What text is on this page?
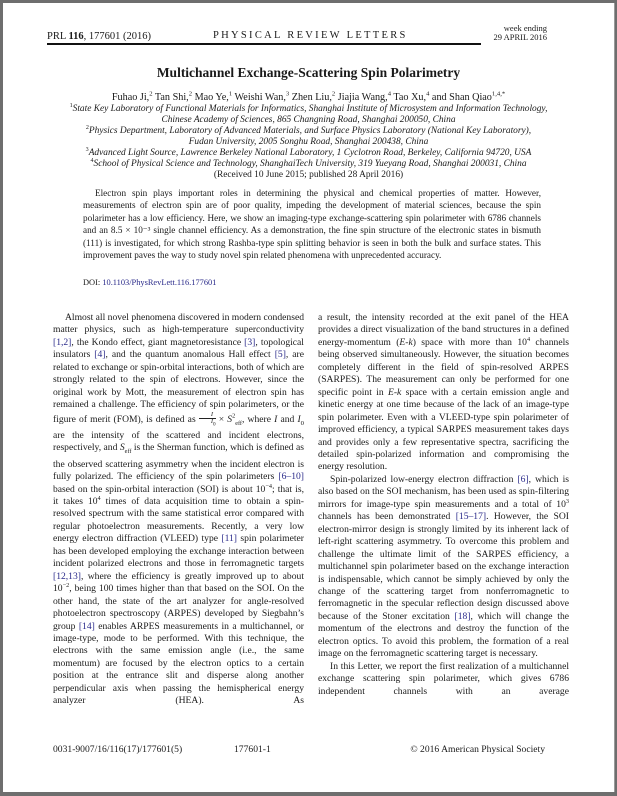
PRL 116, 177601 (2016)	PHYSICAL REVIEW LETTERS
week ending
29 APRIL 2016
Multichannel Exchange-Scattering Spin Polarimetry
Fuhao Ji,$^2$ Tan Shi,$^2$ Mao Ye,$^1$ Weishi Wan,$^3$ Zhen Liu,$^2$ Jiajia Wang,$^4$ Tao Xu,$^4$ and Shan Qiao$^{1,4,*}$
$^1$State Key Laboratory of Functional Materials for Informatics, Shanghai Institute of Microsystem and Information Technology,
Chinese Academy of Sciences, 865 Changning Road, Shanghai 200050, China
$^2$Physics Department, Laboratory of Advanced Materials, and Surface Physics Laboratory (National Key Laboratory),
Fudan University, 2005 Songhu Road, Shanghai 200438, China
$^3$Advanced Light Source, Lawrence Berkeley National Laboratory, 1 Cyclotron Road, Berkeley, California 94720, USA
$^4$School of Physical Science and Technology, ShanghaiTech University, 319 Yueyang Road, Shanghai 200031, China
(Received 10 June 2015; published 28 April 2016)
Electron spin plays important roles in determining the physical and chemical properties of matter. However, measurements of electron spin are of poor quality, impeding the development of material sciences, because the spin polarimeter has a low efficiency. Here, we show an imaging-type exchange-scattering spin polarimeter with 6786 channels and an 8.5 × 10⁻³ single channel efficiency. As a demonstration, the fine spin structure of the electronic states in bismuth (111) is investigated, for which strong Rashba-type spin splitting behavior is seen in both the bulk and surface states. This improvement paves the way to study novel spin related phenomena with unprecedented accuracy.
DOI: 10.1103/PhysRevLett.116.177601

Almost all novel phenomena discovered in modern condensed matter physics, such as high-temperature superconductivity [1,2], the Kondo effect, giant magnetoresistance [3], topological insulators [4], and the quantum anomalous Hall effect [5], are related to exchange or spin-orbital interactions, both of which are strongly related to the spin of electrons. However, since the original work by Mott, the measurement of electron spin has remained a challenge. The efficiency of spin polarimeters, or the figure of merit (FOM), is defined as $\frac{I}{I_0} \times S^2_{eff}$, where I and $I_0$ are the intensity of the scattered and incident electrons, respectively, and $S_{eff}$ is the Sherman function, which is defined as the observed scattering asymmetry when the incident electron is fully polarized. The efficiency of the spin polarimeters [6–10] based on the spin-orbital interaction (SOI) is about $10^{-4}$; that is, it takes $10^4$ times of data acquisition time to obtain a spin-resolved spectrum with the same statistical error compared with regular photoelectron measurements. Recently, a very low energy electron diffraction (VLEED) type [11] spin polarimeter has been developed employing the exchange interaction between incident polarized electrons and those in ferromagnetic targets [12,13], where the efficiency is greatly improved up to about $10^{-2}$, being 100 times higher than that based on the SOI. On the other hand, the state of the art analyzer for angle-resolved photoelectron spectroscopy (ARPES) developed by Siegbahn’s group [14] enables ARPES measurements in a multichannel, or image-type, mode to be performed. With this technique, the electrons with the same emission angle (i.e., the same momentum) are focused by the electron optics to a certain position at the entrance slit and disperse along another perpendicular axis when passing the hemispherical energy analyzer (HEA). As

a result, the intensity recorded at the exit panel of the HEA provides a direct visualization of the band structures in a defined energy-momentum (E-k) space with more than $10^4$ channels being observed simultaneously. However, the situation becomes completely different in the field of spin-resolved ARPES (SARPES). The measurement can only be performed for one specific point in E-k space with a certain emission angle and kinetic energy at one time because of the lack of an image-type spin polarimeter. Even with a VLEED-type spin polarimeter of improved efficiency, a typical SARPES measurement takes days and provides only a few representative spectra, sacrificing the detailed spin-polarized information and compromising the energy resolution.

Spin-polarized low-energy electron diffraction [6], which is also based on the SOI mechanism, has been used as spin-filtering mirrors for image-type spin measurements and a total of $10^3$ channels has been demonstrated [15–17]. However, the SOI electron-mirror design is strongly limited by its inherent lack of left-right scattering asymmetry. To overcome this problem and challenge the ultimate limit of the SARPES efficiency, a multichannel spin polarimeter based on the exchange interaction is indispensable, which cannot be simply achieved by only the change of the scattering target from nonferromagnetic to ferromagnetic in the specular reflection design discussed above because of the Stoner excitation [18], which will change the momentum of the electrons and destroy the function of the electron optics. To avoid this problem, the formation of a real image on the ferromagnetic scattering target is necessary.

In this Letter, we report the first realization of a multichannel exchange scattering spin polarimeter, which gives 6786 independent channels with an average

0031-9007/16/116(17)/177601(5)	177601-1	© 2016 American Physical Society
